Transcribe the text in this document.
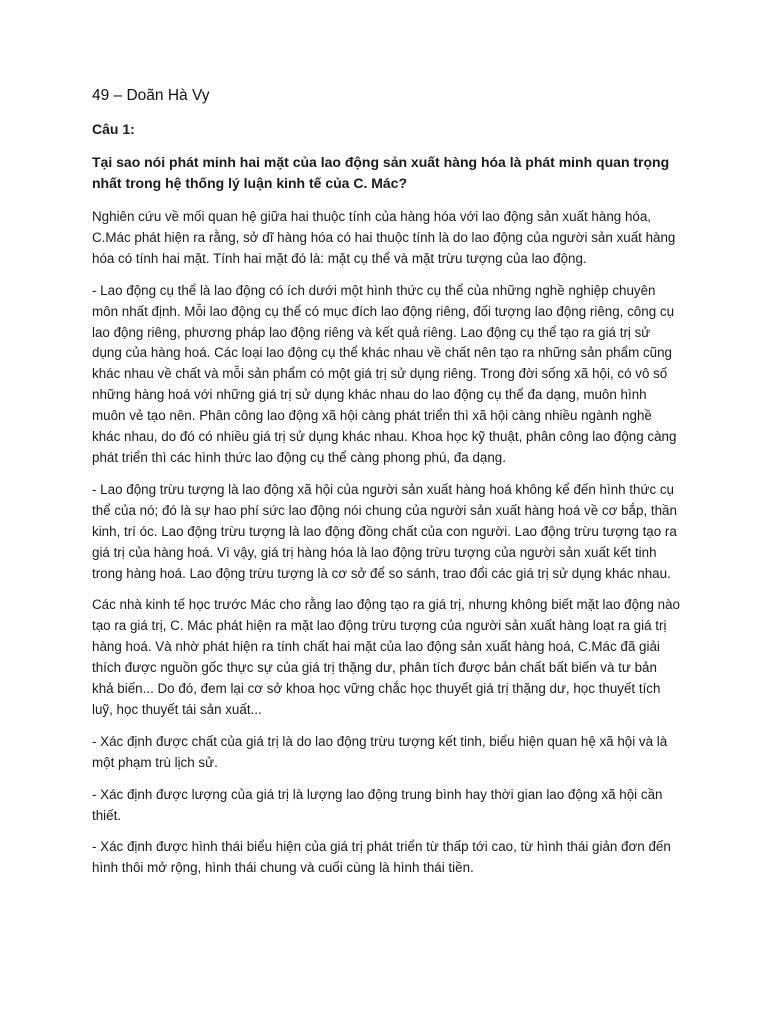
49 – Doãn Hà Vy
Câu 1:
Tại sao nói phát minh hai mặt của lao động sản xuất hàng hóa là phát minh quan trọng nhất trong hệ thống lý luận kinh tế của C. Mác?

Nghiên cứu về mối quan hệ giữa hai thuộc tính của hàng hóa với lao động sản xuất hàng hóa, C.Mác phát hiện ra rằng, sở dĩ hàng hóa có hai thuộc tính là do lao động của người sản xuất hàng hóa có tính hai mặt. Tính hai mặt đó là: mặt cụ thể và mặt trừu tượng của lao động.

- Lao động cụ thể là lao động có ích dưới một hình thức cụ thể của những nghề nghiệp chuyên môn nhất định. Mỗi lao động cụ thể có mục đích lao động riêng, đối tượng lao động riêng, công cụ lao động riêng, phương pháp lao động riêng và kết quả riêng. Lao động cụ thể tạo ra giá trị sử dụng của hàng hoá. Các loại lao động cụ thể khác nhau về chất nên tạo ra những sản phẩm cũng khác nhau về chất và mỗi sản phẩm có một giá trị sử dụng riêng. Trong đời sống xã hội, có vô số những hàng hoá với những giá trị sử dụng khác nhau do lao động cụ thể đa dạng, muôn hình muôn vẻ tạo nên. Phân công lao động xã hội càng phát triển thì xã hội càng nhiều ngành nghề khác nhau, do đó có nhiều giá trị sử dụng khác nhau. Khoa học kỹ thuật, phân công lao động càng phát triển thì các hình thức lao động cụ thể càng phong phú, đa dạng.

- Lao động trừu tượng là lao động xã hội của người sản xuất hàng hoá không kể đến hình thức cụ thể của nó; đó là sự hao phí sức lao động nói chung của người sản xuất hàng hoá về cơ bắp, thần kinh, trí óc. Lao động trừu tượng là lao động đồng chất của con người. Lao động trừu tượng tạo ra giá trị của hàng hoá. Vì vậy, giá trị hàng hóa là lao động trừu tượng của người sản xuất kết tinh trong hàng hoá. Lao động trừu tượng là cơ sở để so sánh, trao đổi các giá trị sử dụng khác nhau.

Các nhà kinh tế học trước Mác cho rằng lao động tạo ra giá trị, nhưng không biết mặt lao động nào tạo ra giá trị, C. Mác phát hiện ra mặt lao động trừu tượng của người sản xuất hàng loạt ra giá trị hàng hoá. Và nhờ phát hiện ra tính chất hai mặt của lao động sản xuất hàng hoá, C.Mác đã giải thích được nguồn gốc thực sự của giá trị thặng dư, phân tích được bản chất bất biến và tư bản khả biến... Do đó, đem lại cơ sở khoa học vững chắc học thuyết giá trị thặng dư, học thuyết tích luỹ, học thuyết tái sản xuất...

- Xác định được chất của giá trị là do lao động trừu tượng kết tinh, biểu hiện quan hệ xã hội và là một phạm trù lịch sử.

- Xác định được lượng của giá trị là lượng lao động trung bình hay thời gian lao động xã hội cần thiết.

- Xác định được hình thái biểu hiện của giá trị phát triển từ thấp tới cao, từ hình thái giản đơn đến hình thôi mở rộng, hình thái chung và cuối cùng là hình thái tiền.
